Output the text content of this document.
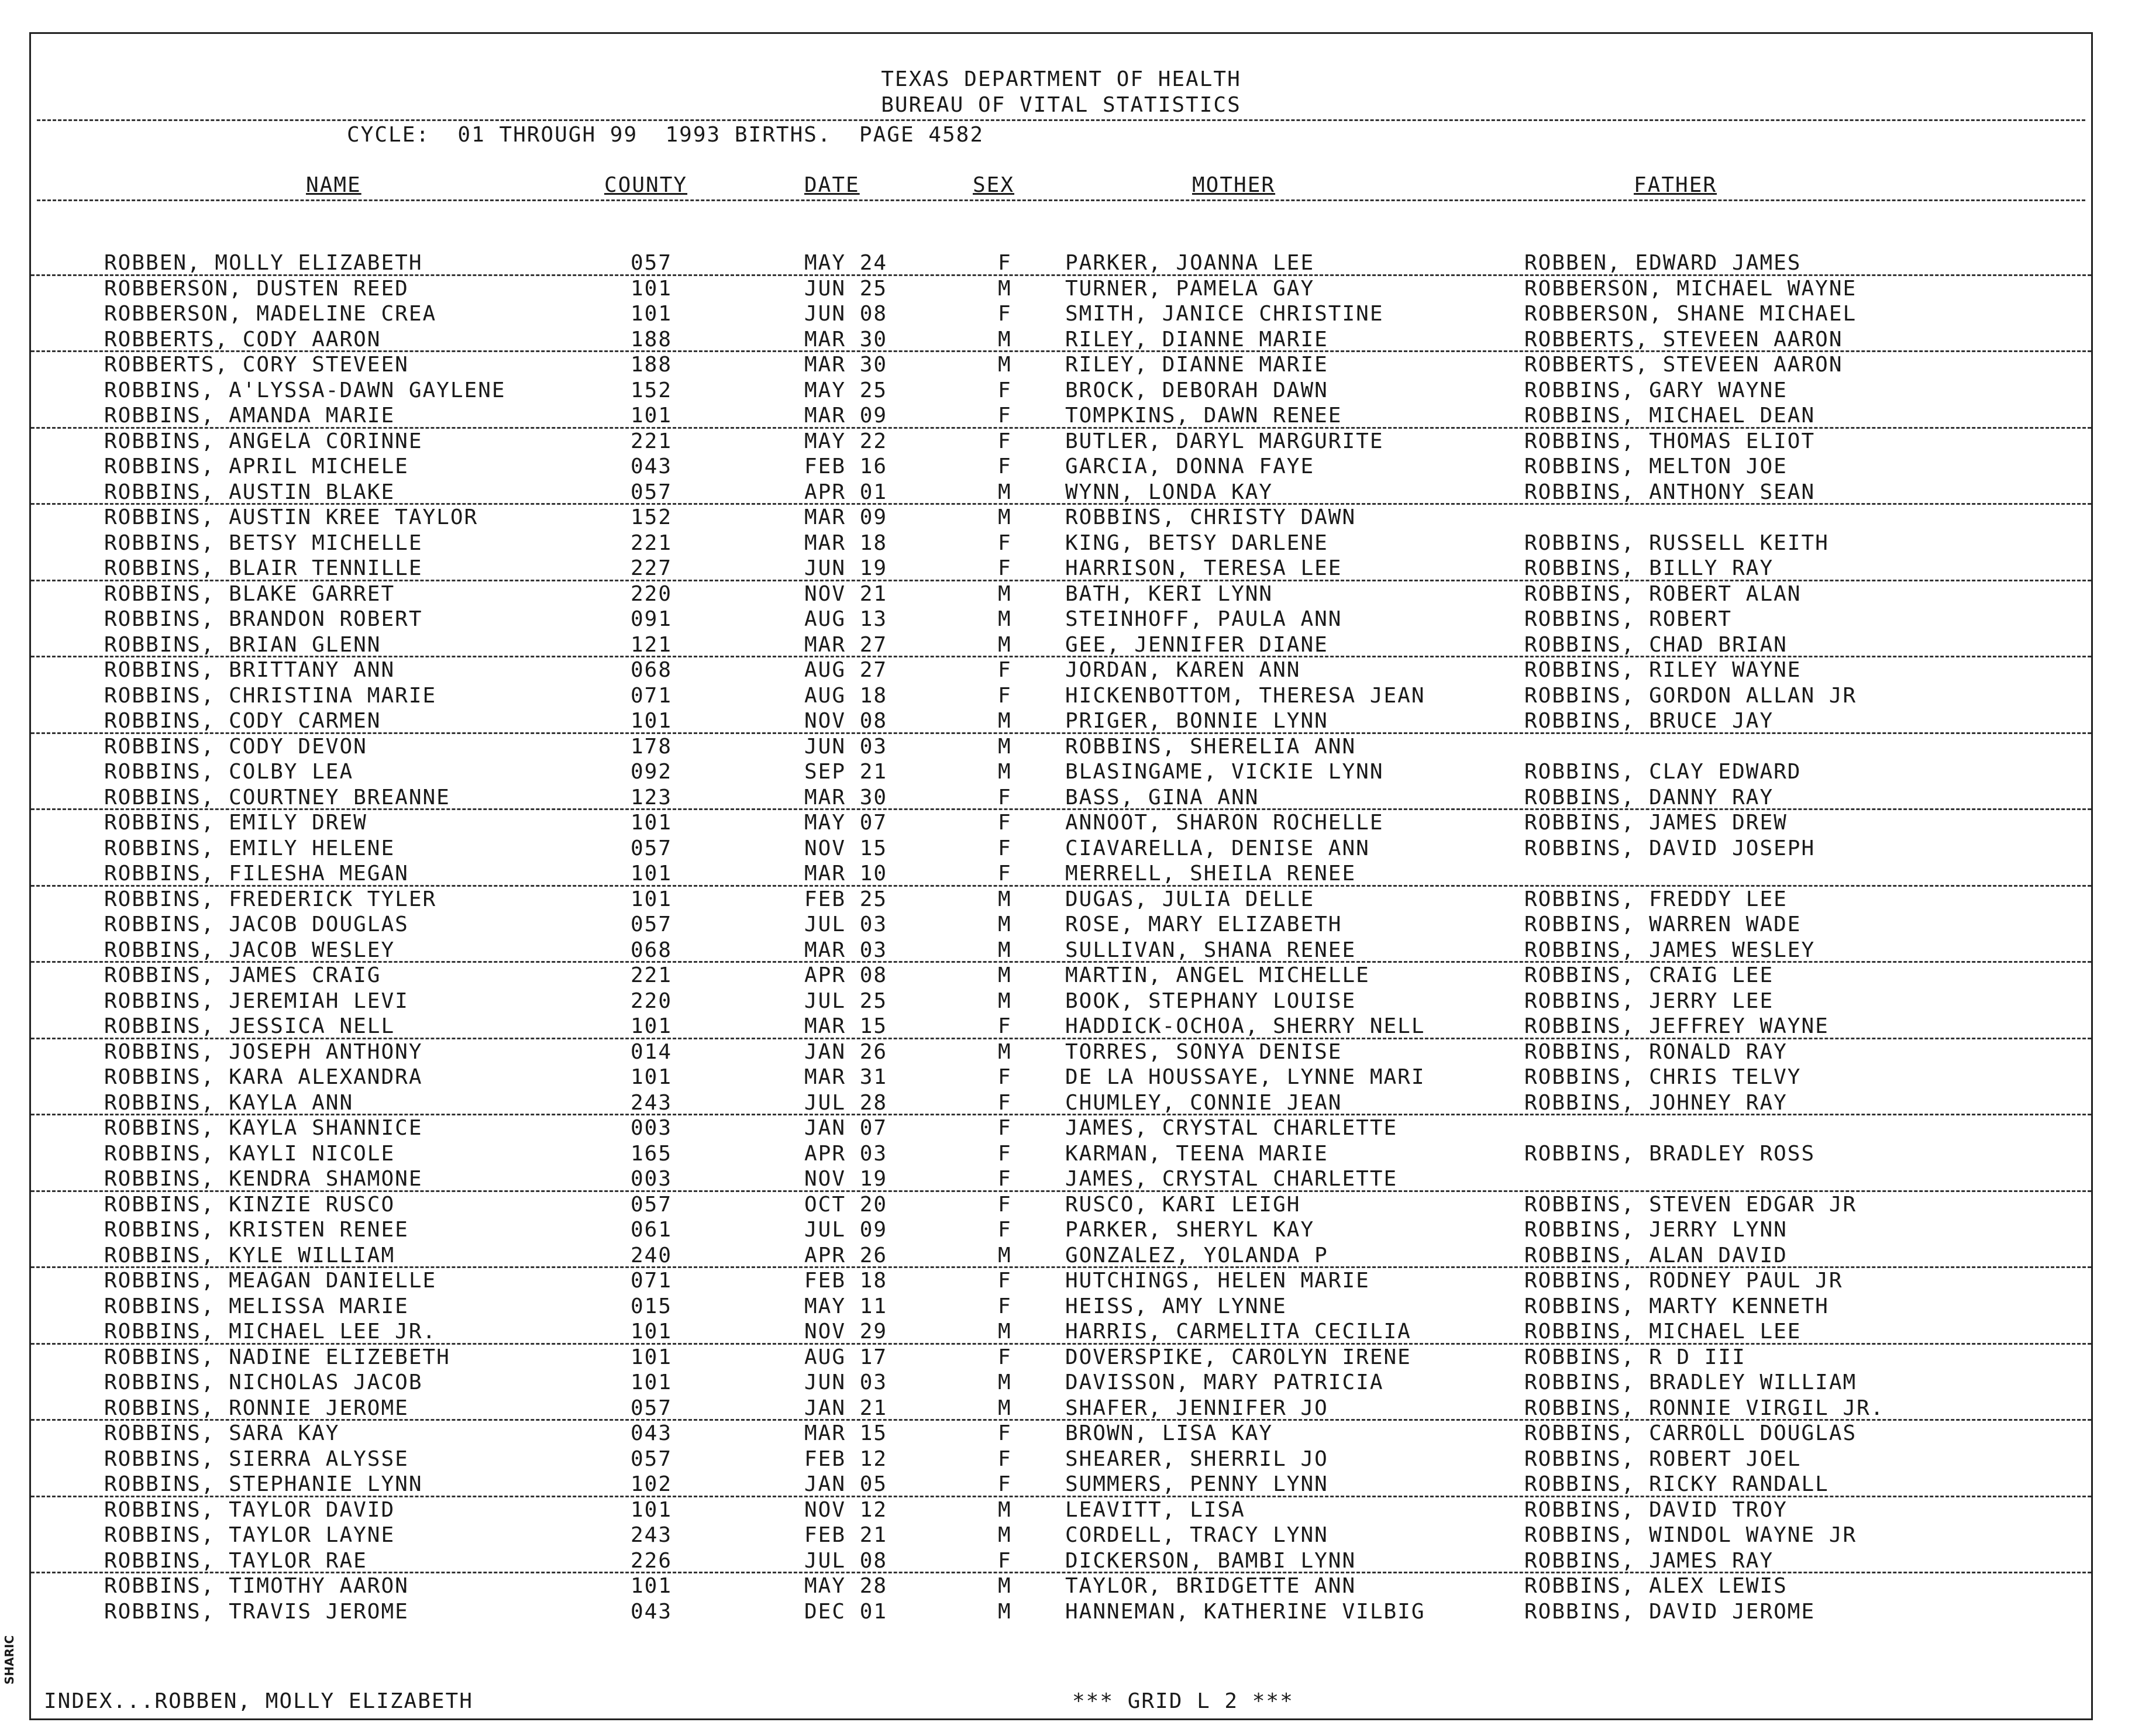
TEXAS DEPARTMENT OF HEALTH
BUREAU OF VITAL STATISTICS
CYCLE:  01 THROUGH 99  1993 BIRTHS.  PAGE 4582
NAME	COUNTY	DATE	SEX	MOTHER	FATHER
ROBBEN, MOLLY ELIZABETH	057	MAY 24	F	PARKER, JOANNA LEE	ROBBEN, EDWARD JAMES
ROBBERSON, DUSTEN REED	101	JUN 25	M	TURNER, PAMELA GAY	ROBBERSON, MICHAEL WAYNE
ROBBERSON, MADELINE CREA	101	JUN 08	F	SMITH, JANICE CHRISTINE	ROBBERSON, SHANE MICHAEL
ROBBERTS, CODY AARON	188	MAR 30	M	RILEY, DIANNE MARIE	ROBBERTS, STEVEEN AARON
ROBBERTS, CORY STEVEEN	188	MAR 30	M	RILEY, DIANNE MARIE	ROBBERTS, STEVEEN AARON
ROBBINS, A'LYSSA-DAWN GAYLENE	152	MAY 25	F	BROCK, DEBORAH DAWN	ROBBINS, GARY WAYNE
ROBBINS, AMANDA MARIE	101	MAR 09	F	TOMPKINS, DAWN RENEE	ROBBINS, MICHAEL DEAN
ROBBINS, ANGELA CORINNE	221	MAY 22	F	BUTLER, DARYL MARGURITE	ROBBINS, THOMAS ELIOT
ROBBINS, APRIL MICHELE	043	FEB 16	F	GARCIA, DONNA FAYE	ROBBINS, MELTON JOE
ROBBINS, AUSTIN BLAKE	057	APR 01	M	WYNN, LONDA KAY	ROBBINS, ANTHONY SEAN
ROBBINS, AUSTIN KREE TAYLOR	152	MAR 09	M	ROBBINS, CHRISTY DAWN
ROBBINS, BETSY MICHELLE	221	MAR 18	F	KING, BETSY DARLENE	ROBBINS, RUSSELL KEITH
ROBBINS, BLAIR TENNILLE	227	JUN 19	F	HARRISON, TERESA LEE	ROBBINS, BILLY RAY
ROBBINS, BLAKE GARRET	220	NOV 21	M	BATH, KERI LYNN	ROBBINS, ROBERT ALAN
ROBBINS, BRANDON ROBERT	091	AUG 13	M	STEINHOFF, PAULA ANN	ROBBINS, ROBERT
ROBBINS, BRIAN GLENN	121	MAR 27	M	GEE, JENNIFER DIANE	ROBBINS, CHAD BRIAN
ROBBINS, BRITTANY ANN	068	AUG 27	F	JORDAN, KAREN ANN	ROBBINS, RILEY WAYNE
ROBBINS, CHRISTINA MARIE	071	AUG 18	F	HICKENBOTTOM, THERESA JEAN	ROBBINS, GORDON ALLAN JR
ROBBINS, CODY CARMEN	101	NOV 08	M	PRIGER, BONNIE LYNN	ROBBINS, BRUCE JAY
ROBBINS, CODY DEVON	178	JUN 03	M	ROBBINS, SHERELIA ANN
ROBBINS, COLBY LEA	092	SEP 21	M	BLASINGAME, VICKIE LYNN	ROBBINS, CLAY EDWARD
ROBBINS, COURTNEY BREANNE	123	MAR 30	F	BASS, GINA ANN	ROBBINS, DANNY RAY
ROBBINS, EMILY DREW	101	MAY 07	F	ANNOOT, SHARON ROCHELLE	ROBBINS, JAMES DREW
ROBBINS, EMILY HELENE	057	NOV 15	F	CIAVARELLA, DENISE ANN	ROBBINS, DAVID JOSEPH
ROBBINS, FILESHA MEGAN	101	MAR 10	F	MERRELL, SHEILA RENEE
ROBBINS, FREDERICK TYLER	101	FEB 25	M	DUGAS, JULIA DELLE	ROBBINS, FREDDY LEE
ROBBINS, JACOB DOUGLAS	057	JUL 03	M	ROSE, MARY ELIZABETH	ROBBINS, WARREN WADE
ROBBINS, JACOB WESLEY	068	MAR 03	M	SULLIVAN, SHANA RENEE	ROBBINS, JAMES WESLEY
ROBBINS, JAMES CRAIG	221	APR 08	M	MARTIN, ANGEL MICHELLE	ROBBINS, CRAIG LEE
ROBBINS, JEREMIAH LEVI	220	JUL 25	M	BOOK, STEPHANY LOUISE	ROBBINS, JERRY LEE
ROBBINS, JESSICA NELL	101	MAR 15	F	HADDICK-OCHOA, SHERRY NELL	ROBBINS, JEFFREY WAYNE
ROBBINS, JOSEPH ANTHONY	014	JAN 26	M	TORRES, SONYA DENISE	ROBBINS, RONALD RAY
ROBBINS, KARA ALEXANDRA	101	MAR 31	F	DE LA HOUSSAYE, LYNNE MARI	ROBBINS, CHRIS TELVY
ROBBINS, KAYLA ANN	243	JUL 28	F	CHUMLEY, CONNIE JEAN	ROBBINS, JOHNEY RAY
ROBBINS, KAYLA SHANNICE	003	JAN 07	F	JAMES, CRYSTAL CHARLETTE
ROBBINS, KAYLI NICOLE	165	APR 03	F	KARMAN, TEENA MARIE	ROBBINS, BRADLEY ROSS
ROBBINS, KENDRA SHAMONE	003	NOV 19	F	JAMES, CRYSTAL CHARLETTE
ROBBINS, KINZIE RUSCO	057	OCT 20	F	RUSCO, KARI LEIGH	ROBBINS, STEVEN EDGAR JR
ROBBINS, KRISTEN RENEE	061	JUL 09	F	PARKER, SHERYL KAY	ROBBINS, JERRY LYNN
ROBBINS, KYLE WILLIAM	240	APR 26	M	GONZALEZ, YOLANDA P	ROBBINS, ALAN DAVID
ROBBINS, MEAGAN DANIELLE	071	FEB 18	F	HUTCHINGS, HELEN MARIE	ROBBINS, RODNEY PAUL JR
ROBBINS, MELISSA MARIE	015	MAY 11	F	HEISS, AMY LYNNE	ROBBINS, MARTY KENNETH
ROBBINS, MICHAEL LEE JR.	101	NOV 29	M	HARRIS, CARMELITA CECILIA	ROBBINS, MICHAEL LEE
ROBBINS, NADINE ELIZEBETH	101	AUG 17	F	DOVERSPIKE, CAROLYN IRENE	ROBBINS, R D III
ROBBINS, NICHOLAS JACOB	101	JUN 03	M	DAVISSON, MARY PATRICIA	ROBBINS, BRADLEY WILLIAM
ROBBINS, RONNIE JEROME	057	JAN 21	M	SHAFER, JENNIFER JO	ROBBINS, RONNIE VIRGIL JR.
ROBBINS, SARA KAY	043	MAR 15	F	BROWN, LISA KAY	ROBBINS, CARROLL DOUGLAS
ROBBINS, SIERRA ALYSSE	057	FEB 12	F	SHEARER, SHERRIL JO	ROBBINS, ROBERT JOEL
ROBBINS, STEPHANIE LYNN	102	JAN 05	F	SUMMERS, PENNY LYNN	ROBBINS, RICKY RANDALL
ROBBINS, TAYLOR DAVID	101	NOV 12	M	LEAVITT, LISA	ROBBINS, DAVID TROY
ROBBINS, TAYLOR LAYNE	243	FEB 21	M	CORDELL, TRACY LYNN	ROBBINS, WINDOL WAYNE JR
ROBBINS, TAYLOR RAE	226	JUL 08	F	DICKERSON, BAMBI LYNN	ROBBINS, JAMES RAY
ROBBINS, TIMOTHY AARON	101	MAY 28	M	TAYLOR, BRIDGETTE ANN	ROBBINS, ALEX LEWIS
ROBBINS, TRAVIS JEROME	043	DEC 01	M	HANNEMAN, KATHERINE VILBIG	ROBBINS, DAVID JEROME
INDEX...ROBBEN, MOLLY ELIZABETH	*** GRID L 2 ***
SHARIC
